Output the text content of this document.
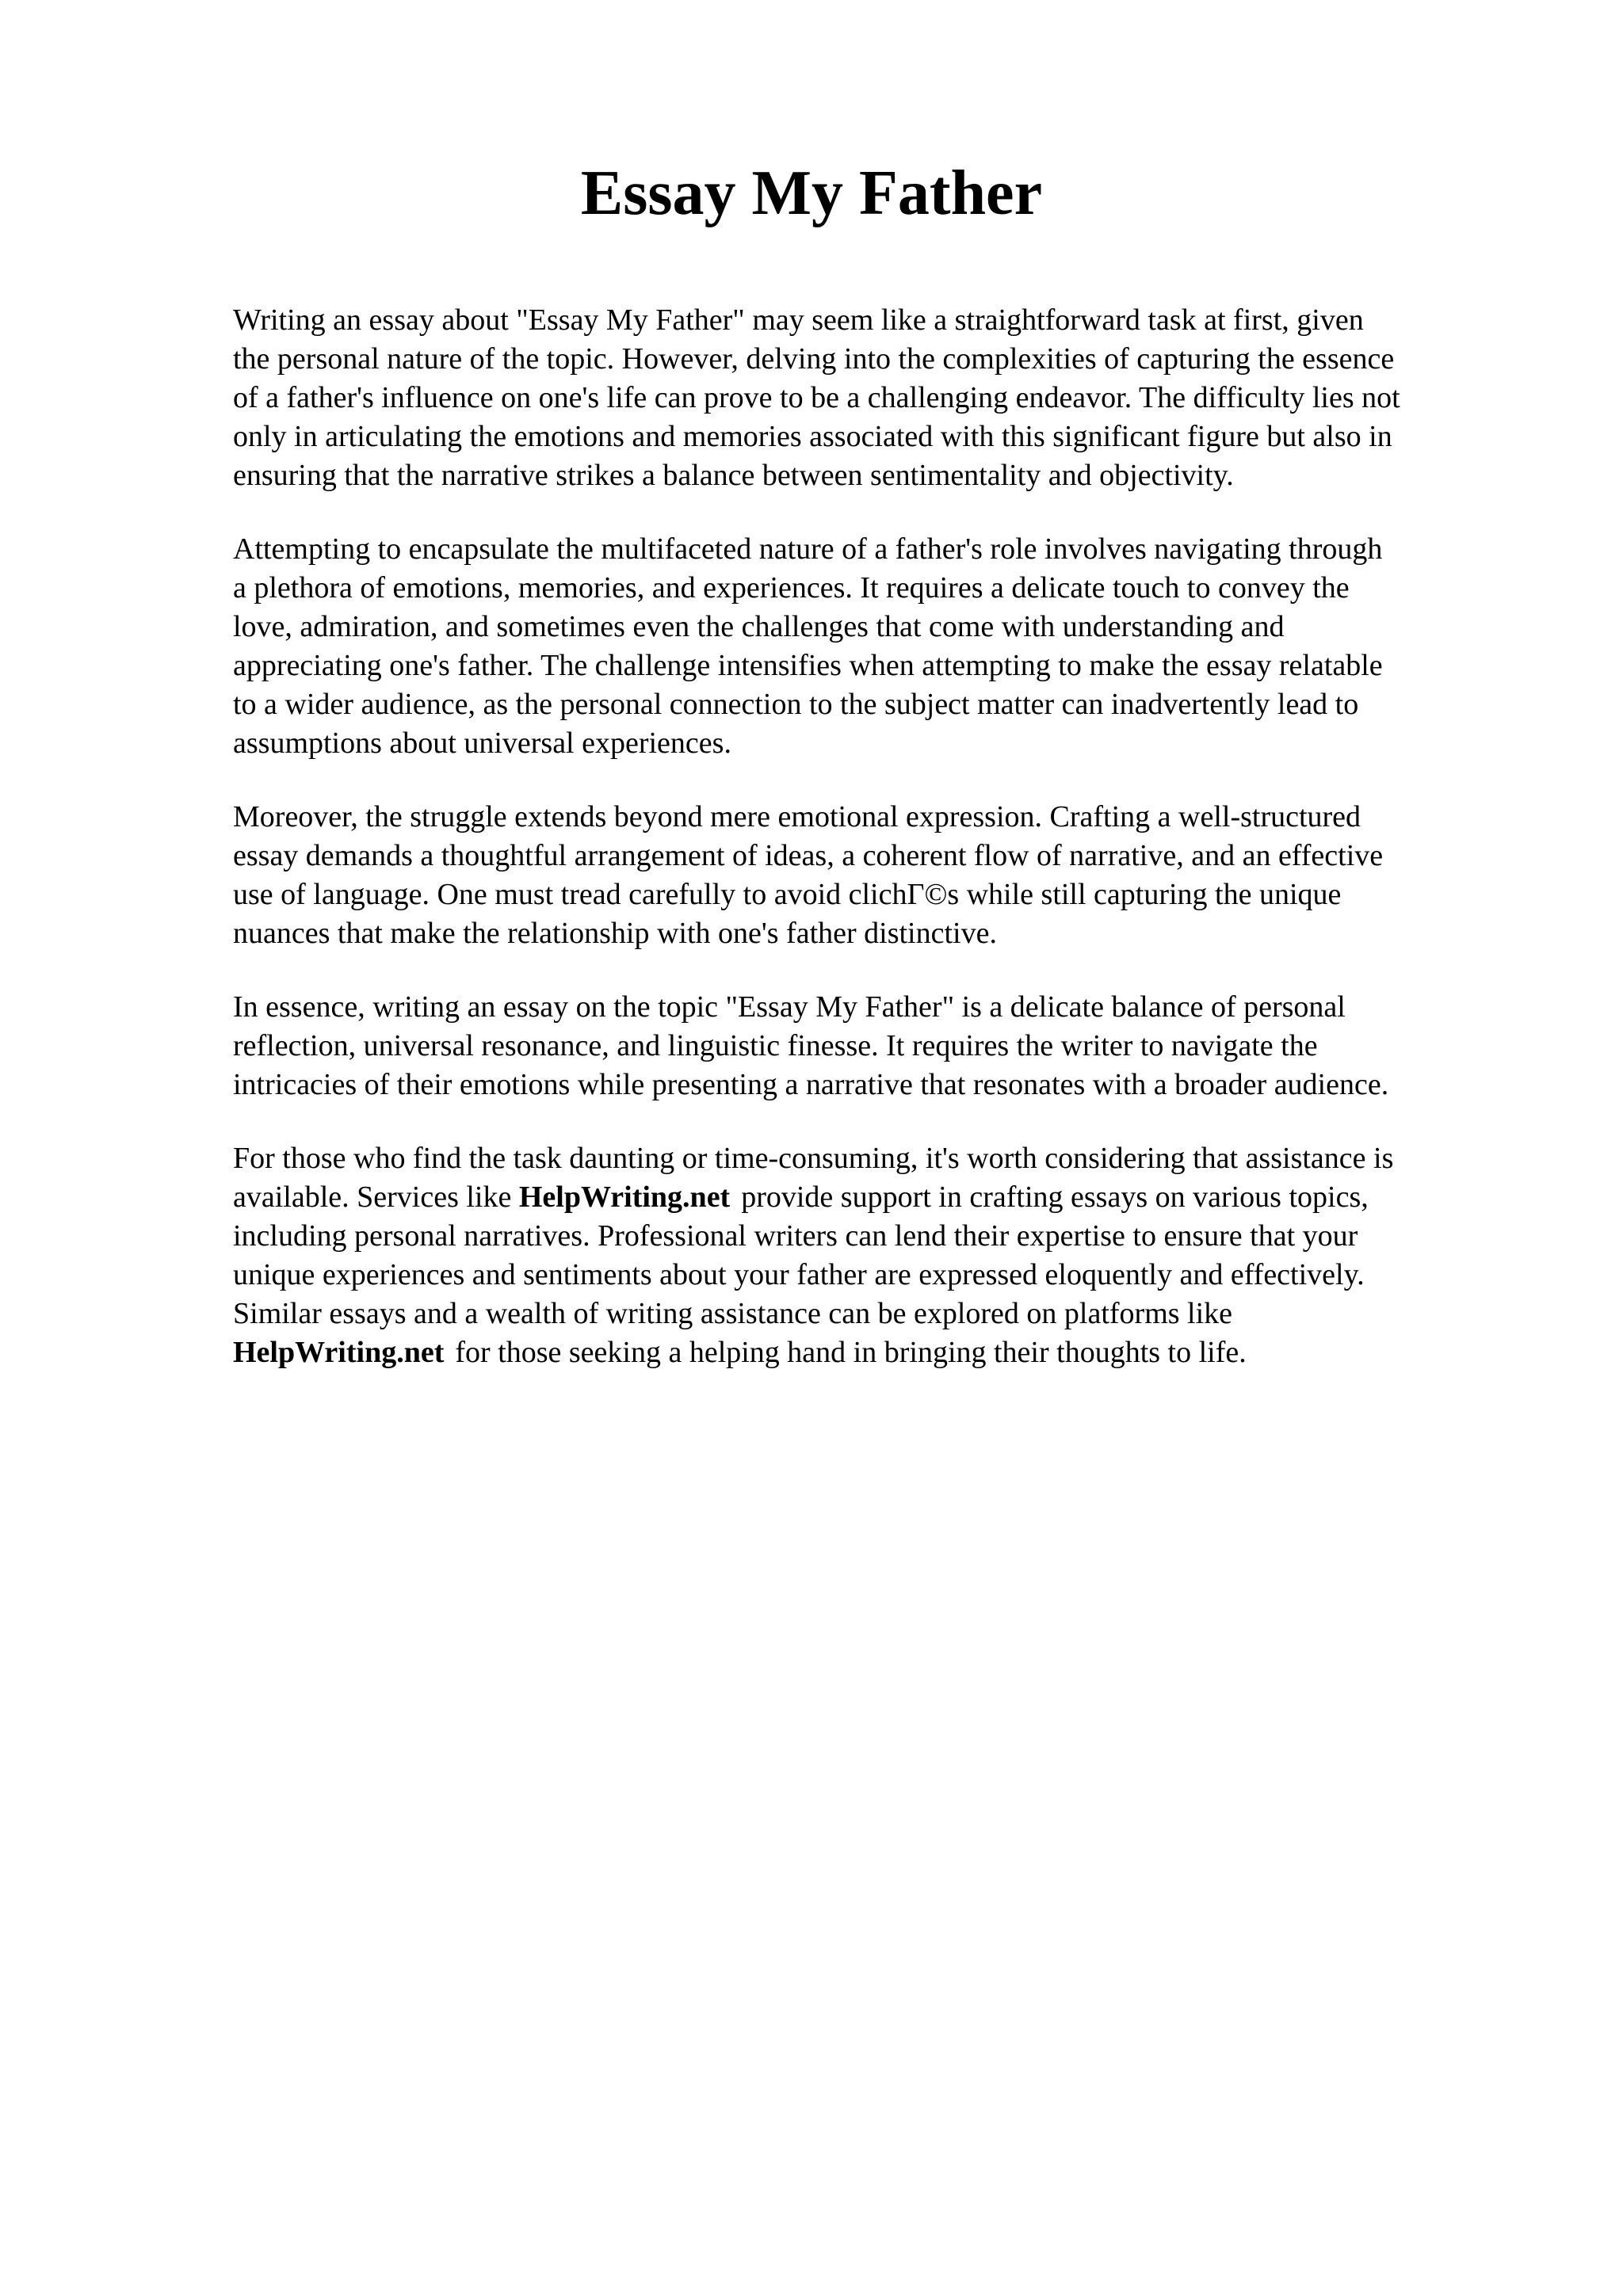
Essay My Father

Writing an essay about "Essay My Father" may seem like a straightforward task at first, given
the personal nature of the topic. However, delving into the complexities of capturing the essence
of a father's influence on one's life can prove to be a challenging endeavor. The difficulty lies not
only in articulating the emotions and memories associated with this significant figure but also in
ensuring that the narrative strikes a balance between sentimentality and objectivity.

Attempting to encapsulate the multifaceted nature of a father's role involves navigating through
a plethora of emotions, memories, and experiences. It requires a delicate touch to convey the
love, admiration, and sometimes even the challenges that come with understanding and
appreciating one's father. The challenge intensifies when attempting to make the essay relatable
to a wider audience, as the personal connection to the subject matter can inadvertently lead to
assumptions about universal experiences.

Moreover, the struggle extends beyond mere emotional expression. Crafting a well-structured
essay demands a thoughtful arrangement of ideas, a coherent flow of narrative, and an effective
use of language. One must tread carefully to avoid clichГ©s while still capturing the unique
nuances that make the relationship with one's father distinctive.

In essence, writing an essay on the topic "Essay My Father" is a delicate balance of personal
reflection, universal resonance, and linguistic finesse. It requires the writer to navigate the
intricacies of their emotions while presenting a narrative that resonates with a broader audience.

For those who find the task daunting or time-consuming, it's worth considering that assistance is
available. Services like HelpWriting.net provide support in crafting essays on various topics,
including personal narratives. Professional writers can lend their expertise to ensure that your
unique experiences and sentiments about your father are expressed eloquently and effectively.
Similar essays and a wealth of writing assistance can be explored on platforms like
HelpWriting.net for those seeking a helping hand in bringing their thoughts to life.
